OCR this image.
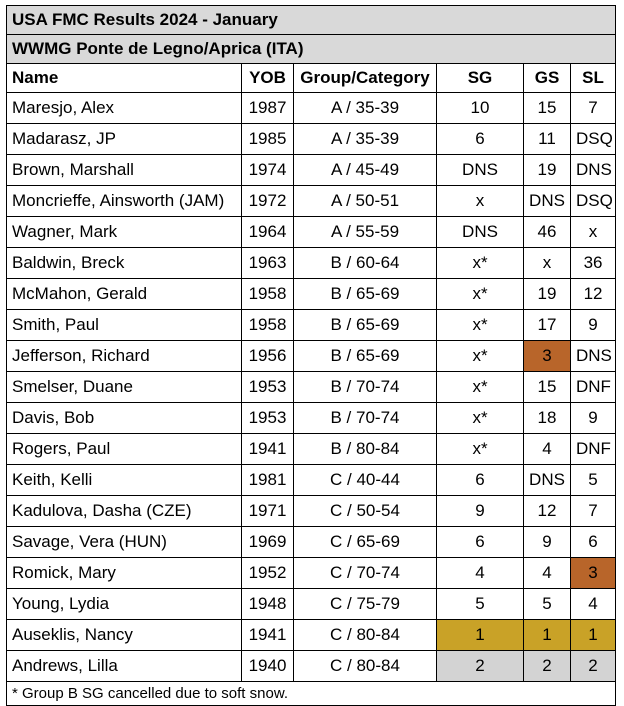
USA FMC Results 2024 - January					
WWMG Ponte de Legno/Aprica (ITA)					
Name	YOB	Group/Category	SG	GS	SL
Maresjo, Alex	1987	A / 35-39	10	15	7
Madarasz, JP	1985	A / 35-39	6	11	DSQ
Brown, Marshall	1974	A / 45-49	DNS	19	DNS
Moncrieffe, Ainsworth (JAM)	1972	A / 50-51	x	DNS	DSQ
Wagner, Mark	1964	A / 55-59	DNS	46	x
Baldwin, Breck	1963	B / 60-64	x*	x	36
McMahon, Gerald	1958	B / 65-69	x*	19	12
Smith, Paul	1958	B / 65-69	x*	17	9
Jefferson, Richard	1956	B / 65-69	x*	3	DNS
Smelser, Duane	1953	B / 70-74	x*	15	DNF
Davis, Bob	1953	B / 70-74	x*	18	9
Rogers, Paul	1941	B / 80-84	x*	4	DNF
Keith, Kelli	1981	C / 40-44	6	DNS	5
Kadulova, Dasha (CZE)	1971	C / 50-54	9	12	7
Savage, Vera (HUN)	1969	C / 65-69	6	9	6
Romick, Mary	1952	C / 70-74	4	4	3
Young, Lydia	1948	C / 75-79	5	5	4
Auseklis, Nancy	1941	C / 80-84	1	1	1
Andrews, Lilla	1940	C / 80-84	2	2	2
* Group B SG cancelled due to soft snow.					
